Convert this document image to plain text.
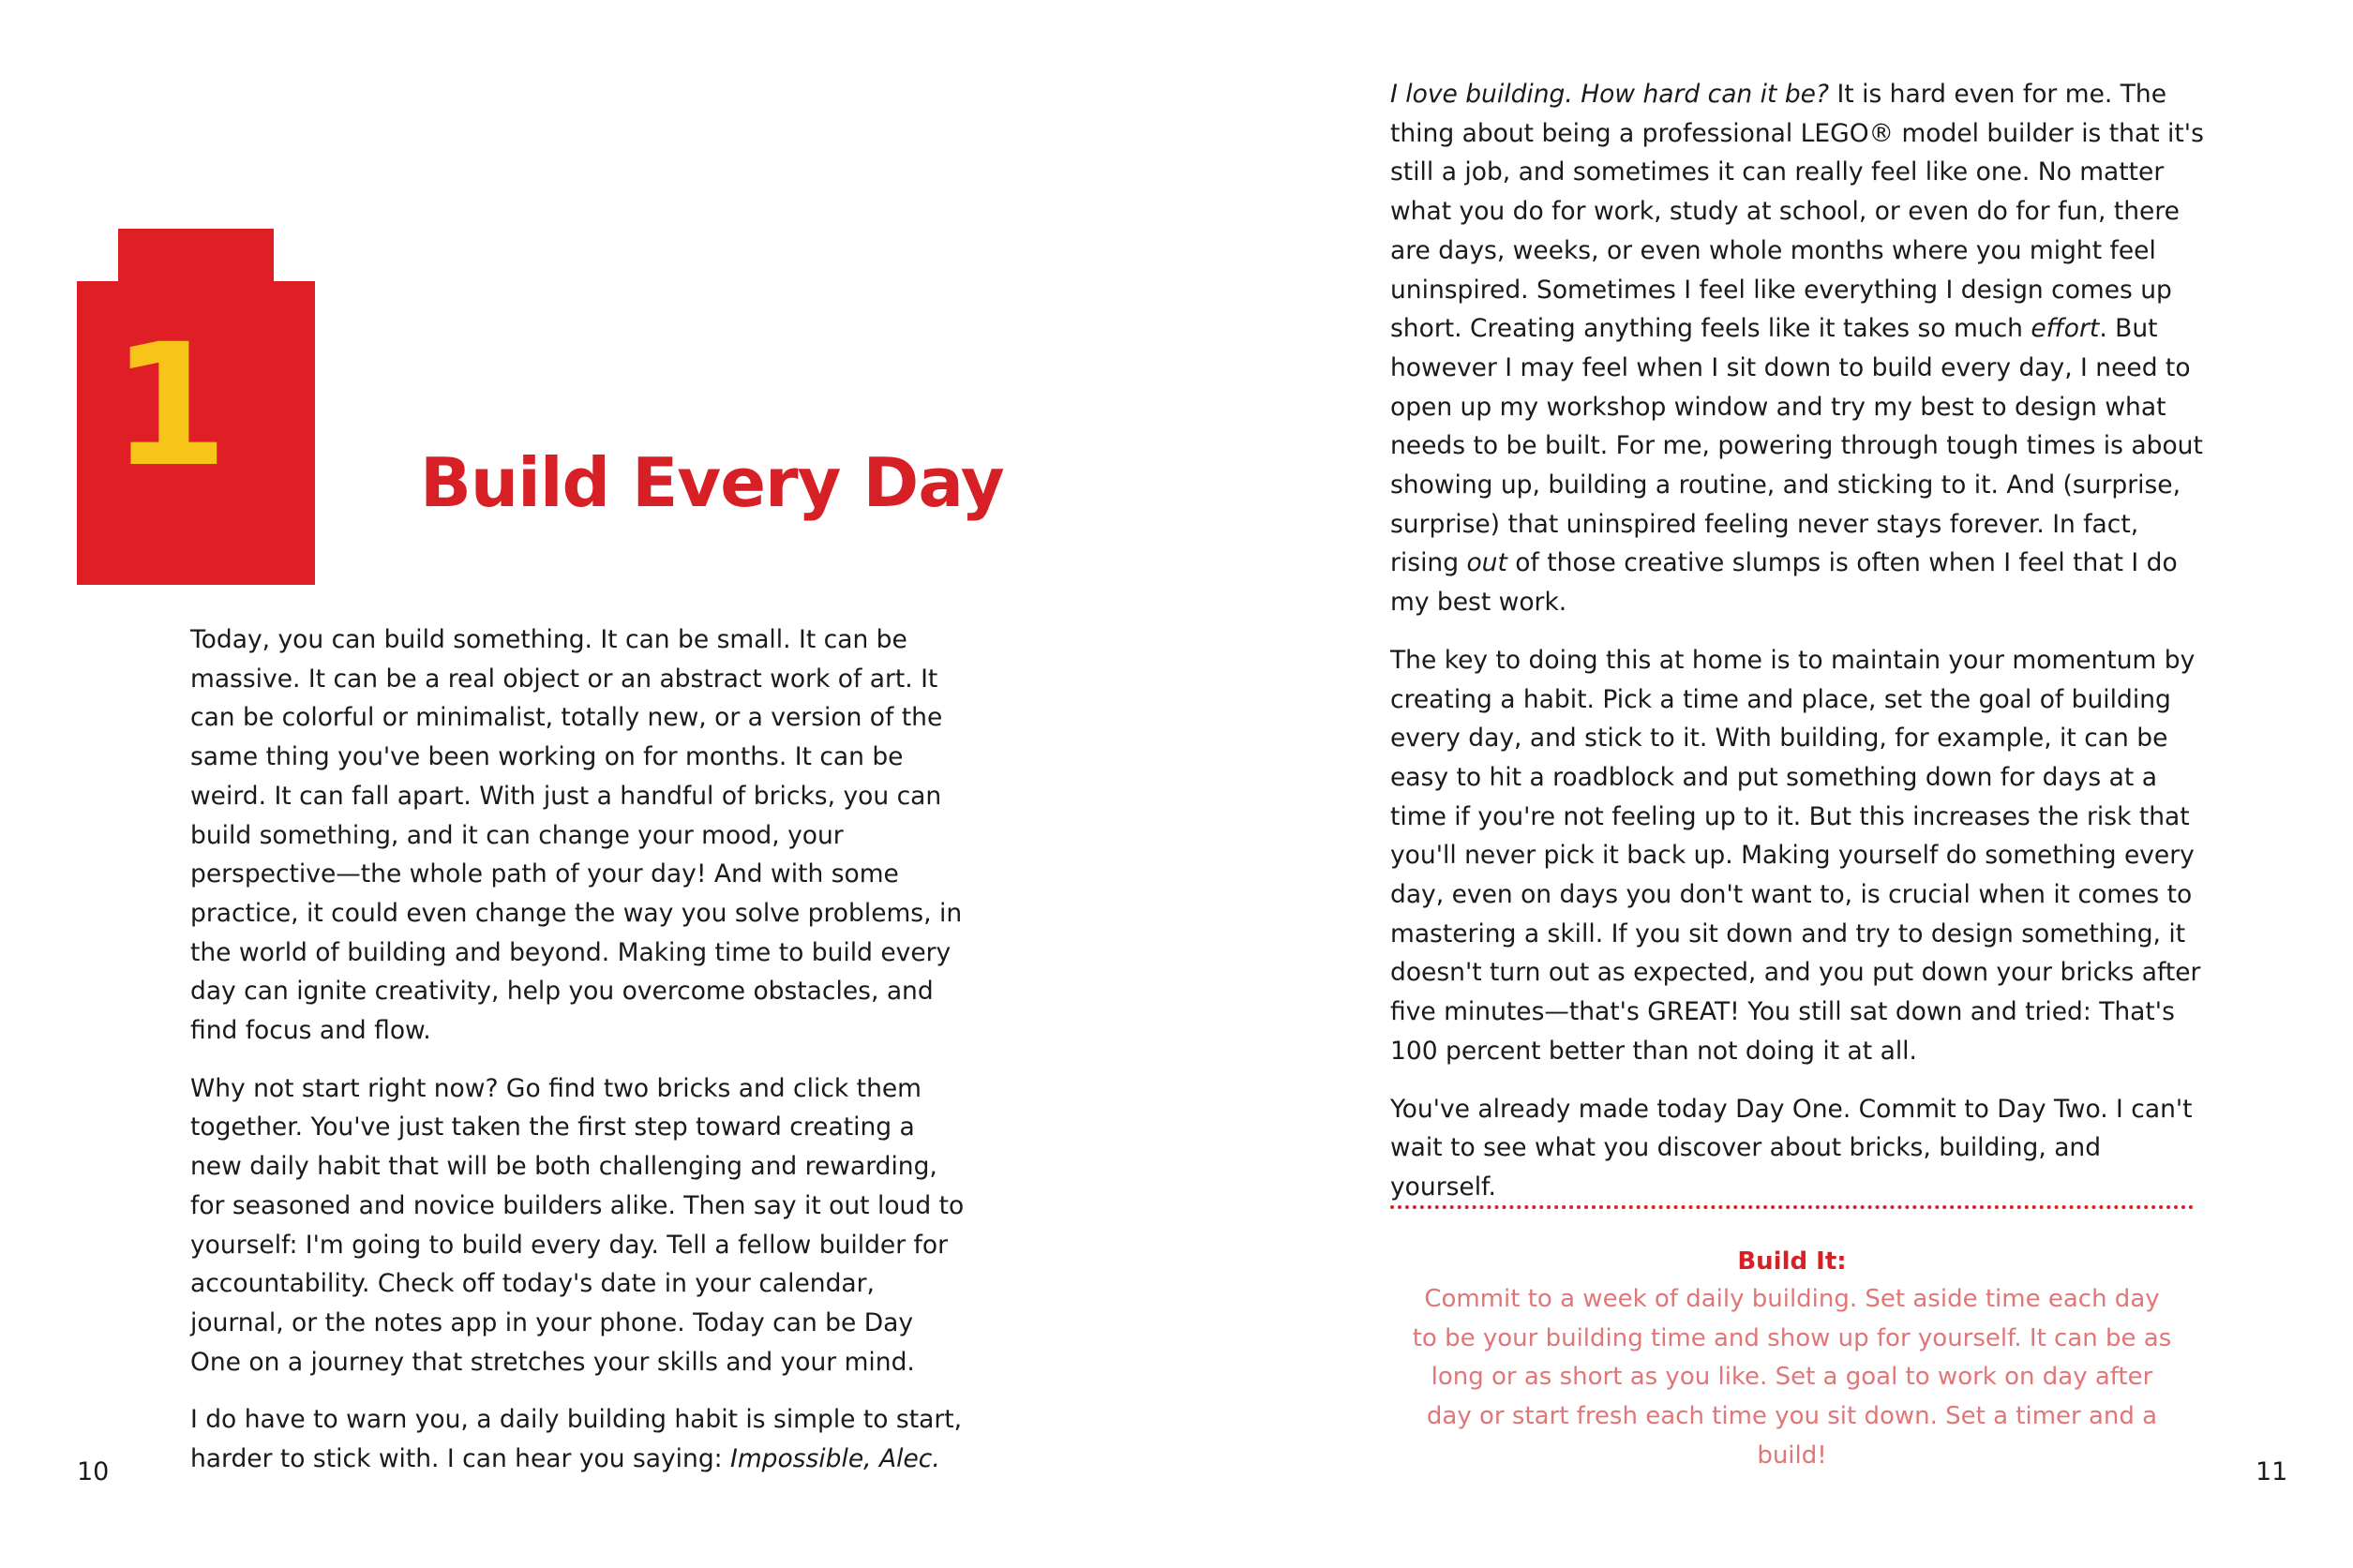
1	Build Every Day

Today, you can build something. It can be small. It can be massive. It can be a real object or an abstract work of art. It can be colorful or minimalist, totally new, or a version of the same thing you've been working on for months. It can be weird. It can fall apart. With just a handful of bricks, you can build something, and it can change your mood, your perspective—the whole path of your day! And with some practice, it could even change the way you solve problems, in the world of building and beyond. Making time to build every day can ignite creativity, help you overcome obstacles, and find focus and flow.

Why not start right now? Go find two bricks and click them together. You've just taken the first step toward creating a new daily habit that will be both challenging and rewarding, for seasoned and novice builders alike. Then say it out loud to yourself: I'm going to build every day. Tell a fellow builder for accountability. Check off today's date in your calendar, journal, or the notes app in your phone. Today can be Day One on a journey that stretches your skills and your mind.

I do have to warn you, a daily building habit is simple to start, harder to stick with. I can hear you saying: Impossible, Alec.

I love building. How hard can it be? It is hard even for me. The thing about being a professional LEGO® model builder is that it's still a job, and sometimes it can really feel like one. No matter what you do for work, study at school, or even do for fun, there are days, weeks, or even whole months where you might feel uninspired. Sometimes I feel like everything I design comes up short. Creating anything feels like it takes so much effort. But however I may feel when I sit down to build every day, I need to open up my workshop window and try my best to design what needs to be built. For me, powering through tough times is about showing up, building a routine, and sticking to it. And (surprise, surprise) that uninspired feeling never stays forever. In fact, rising out of those creative slumps is often when I feel that I do my best work.

The key to doing this at home is to maintain your momentum by creating a habit. Pick a time and place, set the goal of building every day, and stick to it. With building, for example, it can be easy to hit a roadblock and put something down for days at a time if you're not feeling up to it. But this increases the risk that you'll never pick it back up. Making yourself do something every day, even on days you don't want to, is crucial when it comes to mastering a skill. If you sit down and try to design something, it doesn't turn out as expected, and you put down your bricks after five minutes—that's GREAT! You still sat down and tried: That's 100 percent better than not doing it at all.

You've already made today Day One. Commit to Day Two. I can't wait to see what you discover about bricks, building, and yourself.

Build It:
Commit to a week of daily building. Set aside time each day to be your building time and show up for yourself. It can be as long or as short as you like. Set a goal to work on day after day or start fresh each time you sit down. Set a timer and a build!
10	11
